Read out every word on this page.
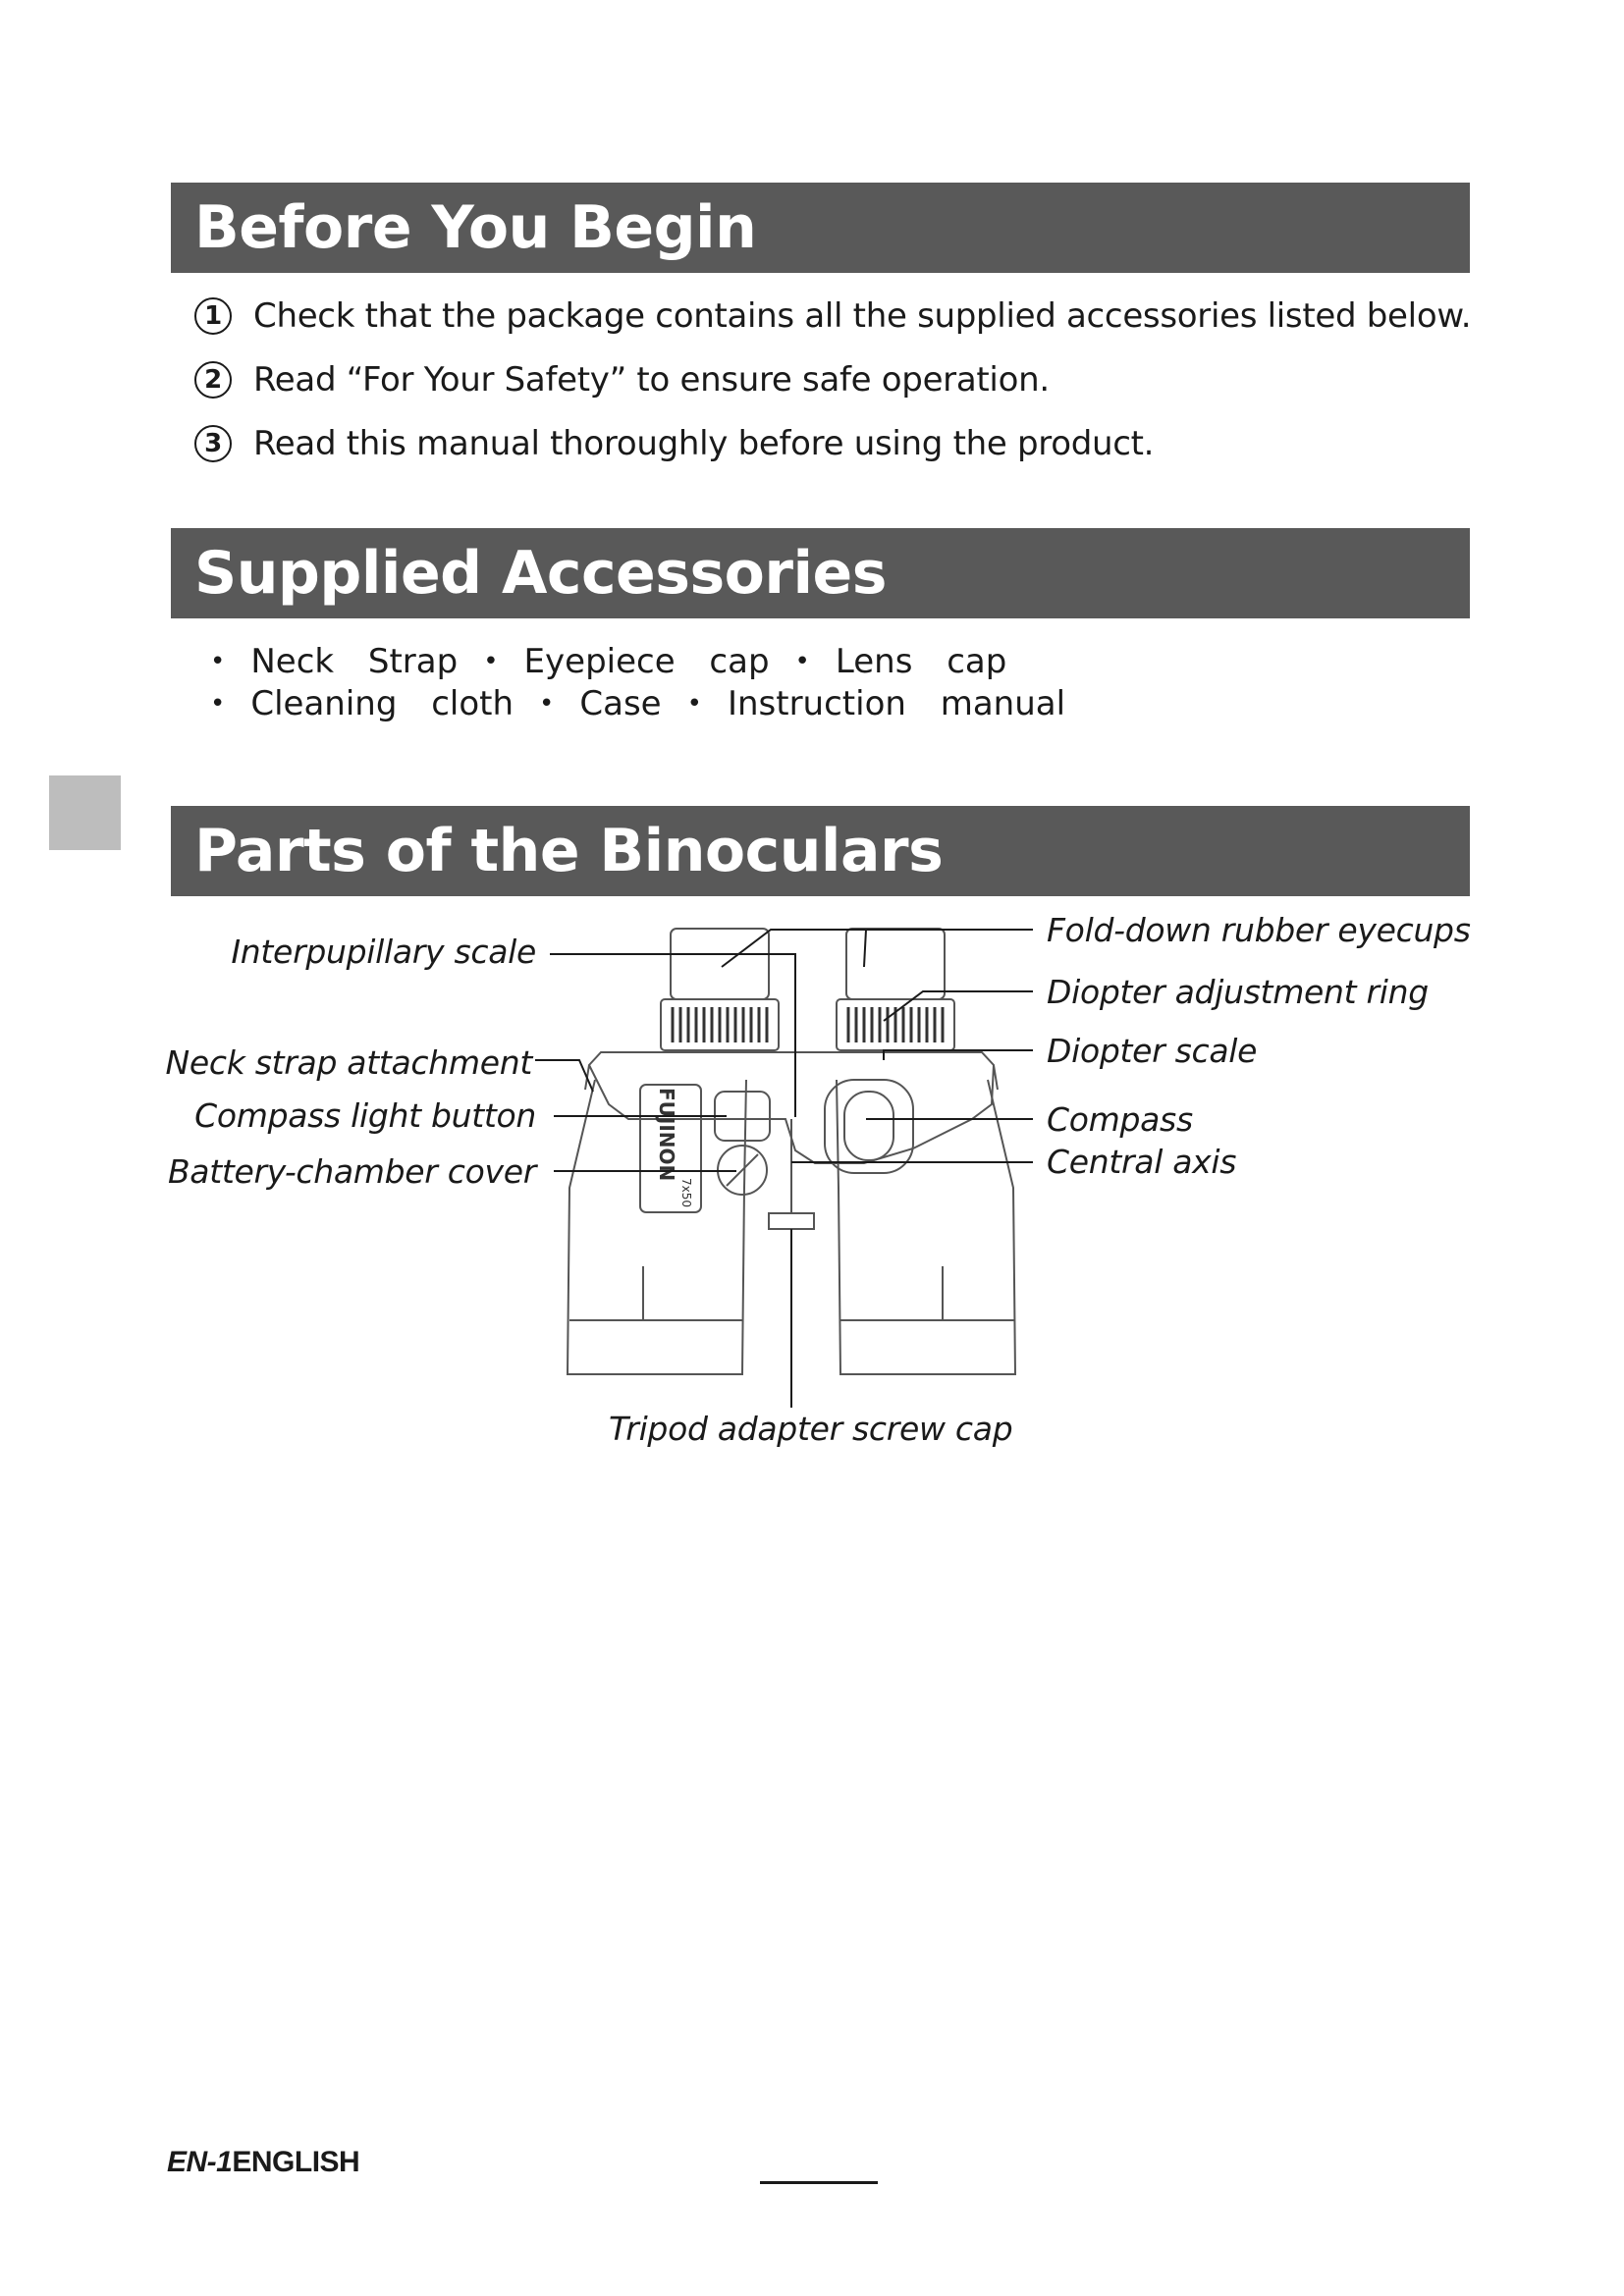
Before You Begin
1 Check that the package contains all the supplied accessories listed below.
2 Read “For Your Safety” to ensure safe operation.
3 Read this manual thoroughly before using the product.
Supplied Accessories
• Neck Strap • Eyepiece cap • Lens cap
• Cleaning cloth • Case • Instruction manual
Parts of the Binoculars
FUJINON
7x50
Interpupillary scale
Neck strap attachment
Compass light button
Battery-chamber cover
Fold-down rubber eyecups
Diopter adjustment ring
Diopter scale
Compass
Central axis
Tripod adapter screw cap
EN-1ENGLISH
